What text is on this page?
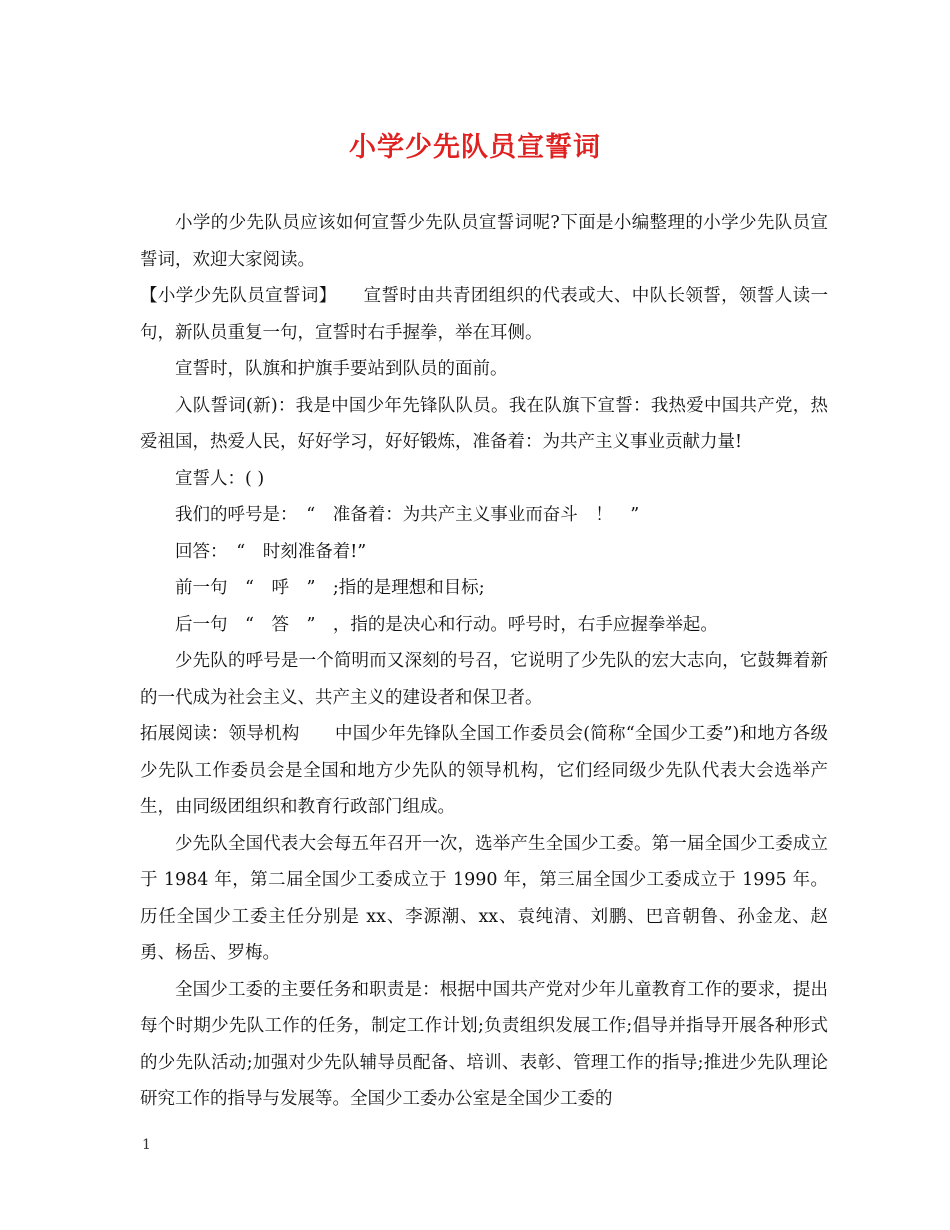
小学少先队员宣誓词

小学的少先队员应该如何宣誓少先队员宣誓词呢?下面是小编整理的小学少先队员宣誓词，欢迎大家阅读。

【小学少先队员宣誓词】　　宣誓时由共青团组织的代表或大、中队长领誓，领誓人读一句，新队员重复一句，宣誓时右手握拳，举在耳侧。

宣誓时，队旗和护旗手要站到队员的面前。

入队誓词(新)：我是中国少年先锋队队员。我在队旗下宣誓：我热爱中国共产党，热爱祖国，热爱人民，好好学习，好好锻炼，准备着：为共产主义事业贡献力量!

宣誓人：( )

我们的呼号是：　“　准备着：为共产主义事业而奋斗　！　”

回答：　“　时刻准备着!”

前一句　“　呼　”　;指的是理想和目标;

后一句　“　答　”　，指的是决心和行动。呼号时，右手应握拳举起。

少先队的呼号是一个简明而又深刻的号召，它说明了少先队的宏大志向，它鼓舞着新的一代成为社会主义、共产主义的建设者和保卫者。

拓展阅读：领导机构　　中国少年先锋队全国工作委员会(简称“全国少工委”)和地方各级少先队工作委员会是全国和地方少先队的领导机构，它们经同级少先队代表大会选举产生，由同级团组织和教育行政部门组成。

少先队全国代表大会每五年召开一次，选举产生全国少工委。第一届全国少工委成立于 1984 年，第二届全国少工委成立于 1990 年，第三届全国少工委成立于 1995 年。历任全国少工委主任分别是 xx、李源潮、xx、袁纯清、刘鹏、巴音朝鲁、孙金龙、赵勇、杨岳、罗梅。

全国少工委的主要任务和职责是：根据中国共产党对少年儿童教育工作的要求，提出每个时期少先队工作的任务，制定工作计划;负责组织发展工作;倡导并指导开展各种形式的少先队活动;加强对少先队辅导员配备、培训、表彰、管理工作的指导;推进少先队理论研究工作的指导与发展等。全国少工委办公室是全国少工委的

1
